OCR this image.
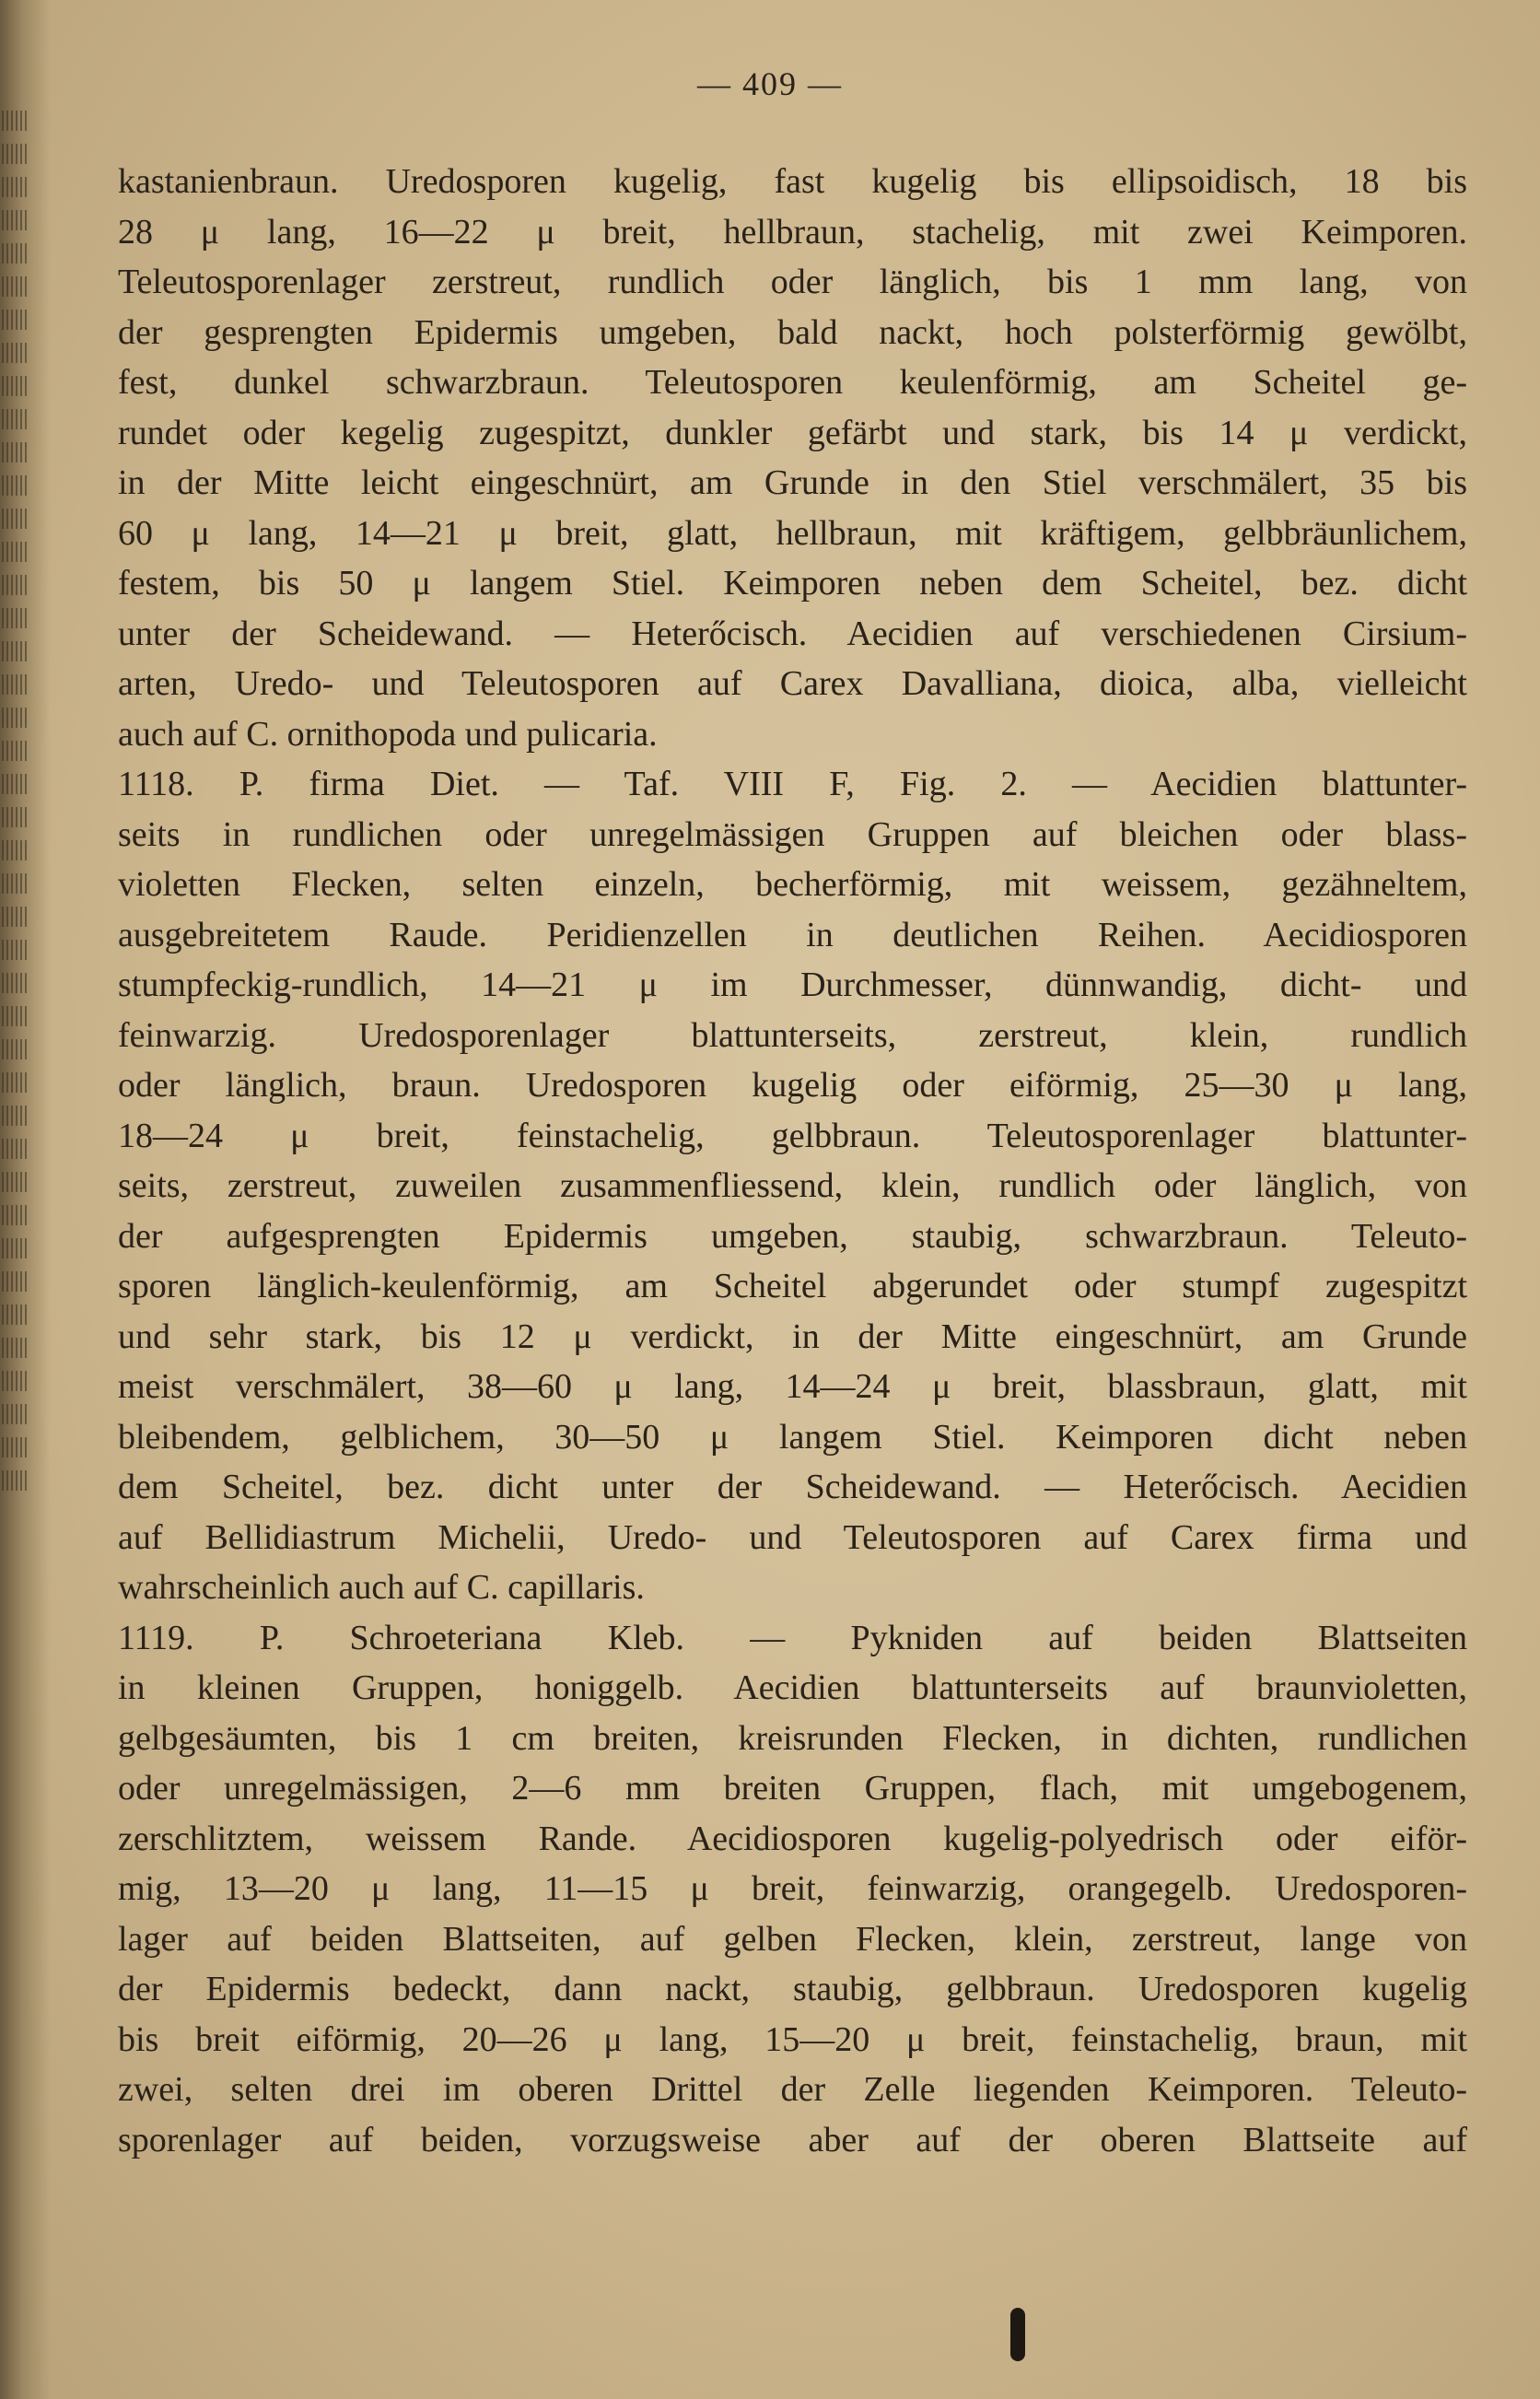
— 409 —
kastanienbraun. Uredosporen kugelig, fast kugelig bis ellipsoidisch, 18 bis
28 μ lang, 16—22 μ breit, hellbraun, stachelig, mit zwei Keimporen.
Teleutosporenlager zerstreut, rundlich oder länglich, bis 1 mm lang, von
der gesprengten Epidermis umgeben, bald nackt, hoch polsterförmig gewölbt,
fest, dunkel schwarzbraun. Teleutosporen keulenförmig, am Scheitel ge-
rundet oder kegelig zugespitzt, dunkler gefärbt und stark, bis 14 μ verdickt,
in der Mitte leicht eingeschnürt, am Grunde in den Stiel verschmälert, 35 bis
60 μ lang, 14—21 μ breit, glatt, hellbraun, mit kräftigem, gelbbräunlichem,
festem, bis 50 μ langem Stiel. Keimporen neben dem Scheitel, bez. dicht
unter der Scheidewand. — Heterőcisch. Aecidien auf verschiedenen Cirsium-
arten, Uredo- und Teleutosporen auf Carex Davalliana, dioica, alba, vielleicht
auch auf C. ornithopoda und pulicaria.
1118. P. firma Diet. — Taf. VIII F, Fig. 2. — Aecidien blattunter-
seits in rundlichen oder unregelmässigen Gruppen auf bleichen oder blass-
violetten Flecken, selten einzeln, becherförmig, mit weissem, gezähneltem,
ausgebreitetem Raude. Peridienzellen in deutlichen Reihen. Aecidiosporen
stumpfeckig-rundlich, 14—21 μ im Durchmesser, dünnwandig, dicht- und
feinwarzig. Uredosporenlager blattunterseits, zerstreut, klein, rundlich
oder länglich, braun. Uredosporen kugelig oder eiförmig, 25—30 μ lang,
18—24 μ breit, feinstachelig, gelbbraun. Teleutosporenlager blattunter-
seits, zerstreut, zuweilen zusammenfliessend, klein, rundlich oder länglich, von
der aufgesprengten Epidermis umgeben, staubig, schwarzbraun. Teleuto-
sporen länglich-keulenförmig, am Scheitel abgerundet oder stumpf zugespitzt
und sehr stark, bis 12 μ verdickt, in der Mitte eingeschnürt, am Grunde
meist verschmälert, 38—60 μ lang, 14—24 μ breit, blassbraun, glatt, mit
bleibendem, gelblichem, 30—50 μ langem Stiel. Keimporen dicht neben
dem Scheitel, bez. dicht unter der Scheidewand. — Heterőcisch. Aecidien
auf Bellidiastrum Michelii, Uredo- und Teleutosporen auf Carex firma und
wahrscheinlich auch auf C. capillaris.
1119. P. Schroeteriana Kleb. — Pykniden auf beiden Blattseiten
in kleinen Gruppen, honiggelb. Aecidien blattunterseits auf braunvioletten,
gelbgesäumten, bis 1 cm breiten, kreisrunden Flecken, in dichten, rundlichen
oder unregelmässigen, 2—6 mm breiten Gruppen, flach, mit umgebogenem,
zerschlitztem, weissem Rande. Aecidiosporen kugelig-polyedrisch oder eiför-
mig, 13—20 μ lang, 11—15 μ breit, feinwarzig, orangegelb. Uredosporen-
lager auf beiden Blattseiten, auf gelben Flecken, klein, zerstreut, lange von
der Epidermis bedeckt, dann nackt, staubig, gelbbraun. Uredosporen kugelig
bis breit eiförmig, 20—26 μ lang, 15—20 μ breit, feinstachelig, braun, mit
zwei, selten drei im oberen Drittel der Zelle liegenden Keimporen. Teleuto-
sporenlager auf beiden, vorzugsweise aber auf der oberen Blattseite auf
